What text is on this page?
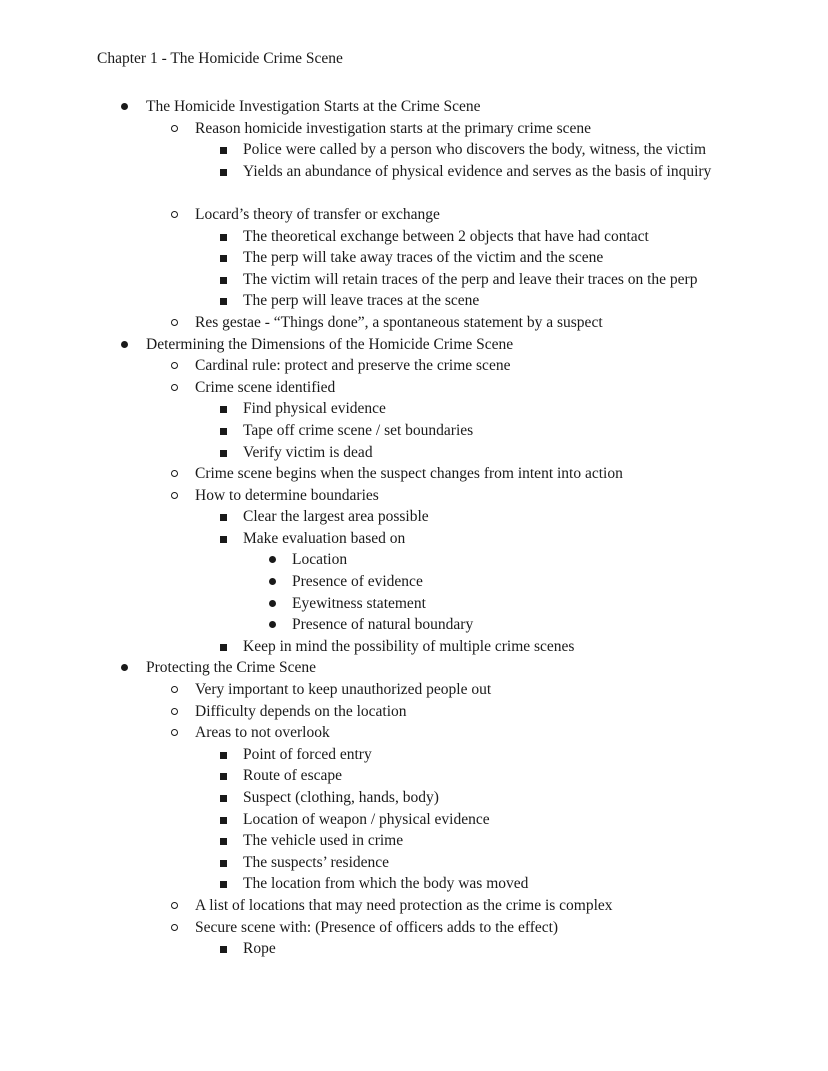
Chapter 1 - The Homicide Crime Scene
The Homicide Investigation Starts at the Crime Scene
Reason homicide investigation starts at the primary crime scene
Police were called by a person who discovers the body, witness, the victim
Yields an abundance of physical evidence and serves as the basis of inquiry
Locard’s theory of transfer or exchange
The theoretical exchange between 2 objects that have had contact
The perp will take away traces of the victim and the scene
The victim will retain traces of the perp and leave their traces on the perp
The perp will leave traces at the scene
Res gestae - “Things done”, a spontaneous statement by a suspect
Determining the Dimensions of the Homicide Crime Scene
Cardinal rule: protect and preserve the crime scene
Crime scene identified
Find physical evidence
Tape off crime scene / set boundaries
Verify victim is dead
Crime scene begins when the suspect changes from intent into action
How to determine boundaries
Clear the largest area possible
Make evaluation based on
Location
Presence of evidence
Eyewitness statement
Presence of natural boundary
Keep in mind the possibility of multiple crime scenes
Protecting the Crime Scene
Very important to keep unauthorized people out
Difficulty depends on the location
Areas to not overlook
Point of forced entry
Route of escape
Suspect (clothing, hands, body)
Location of weapon / physical evidence
The vehicle used in crime
The suspects’ residence
The location from which the body was moved
A list of locations that may need protection as the crime is complex
Secure scene with: (Presence of officers adds to the effect)
Rope
